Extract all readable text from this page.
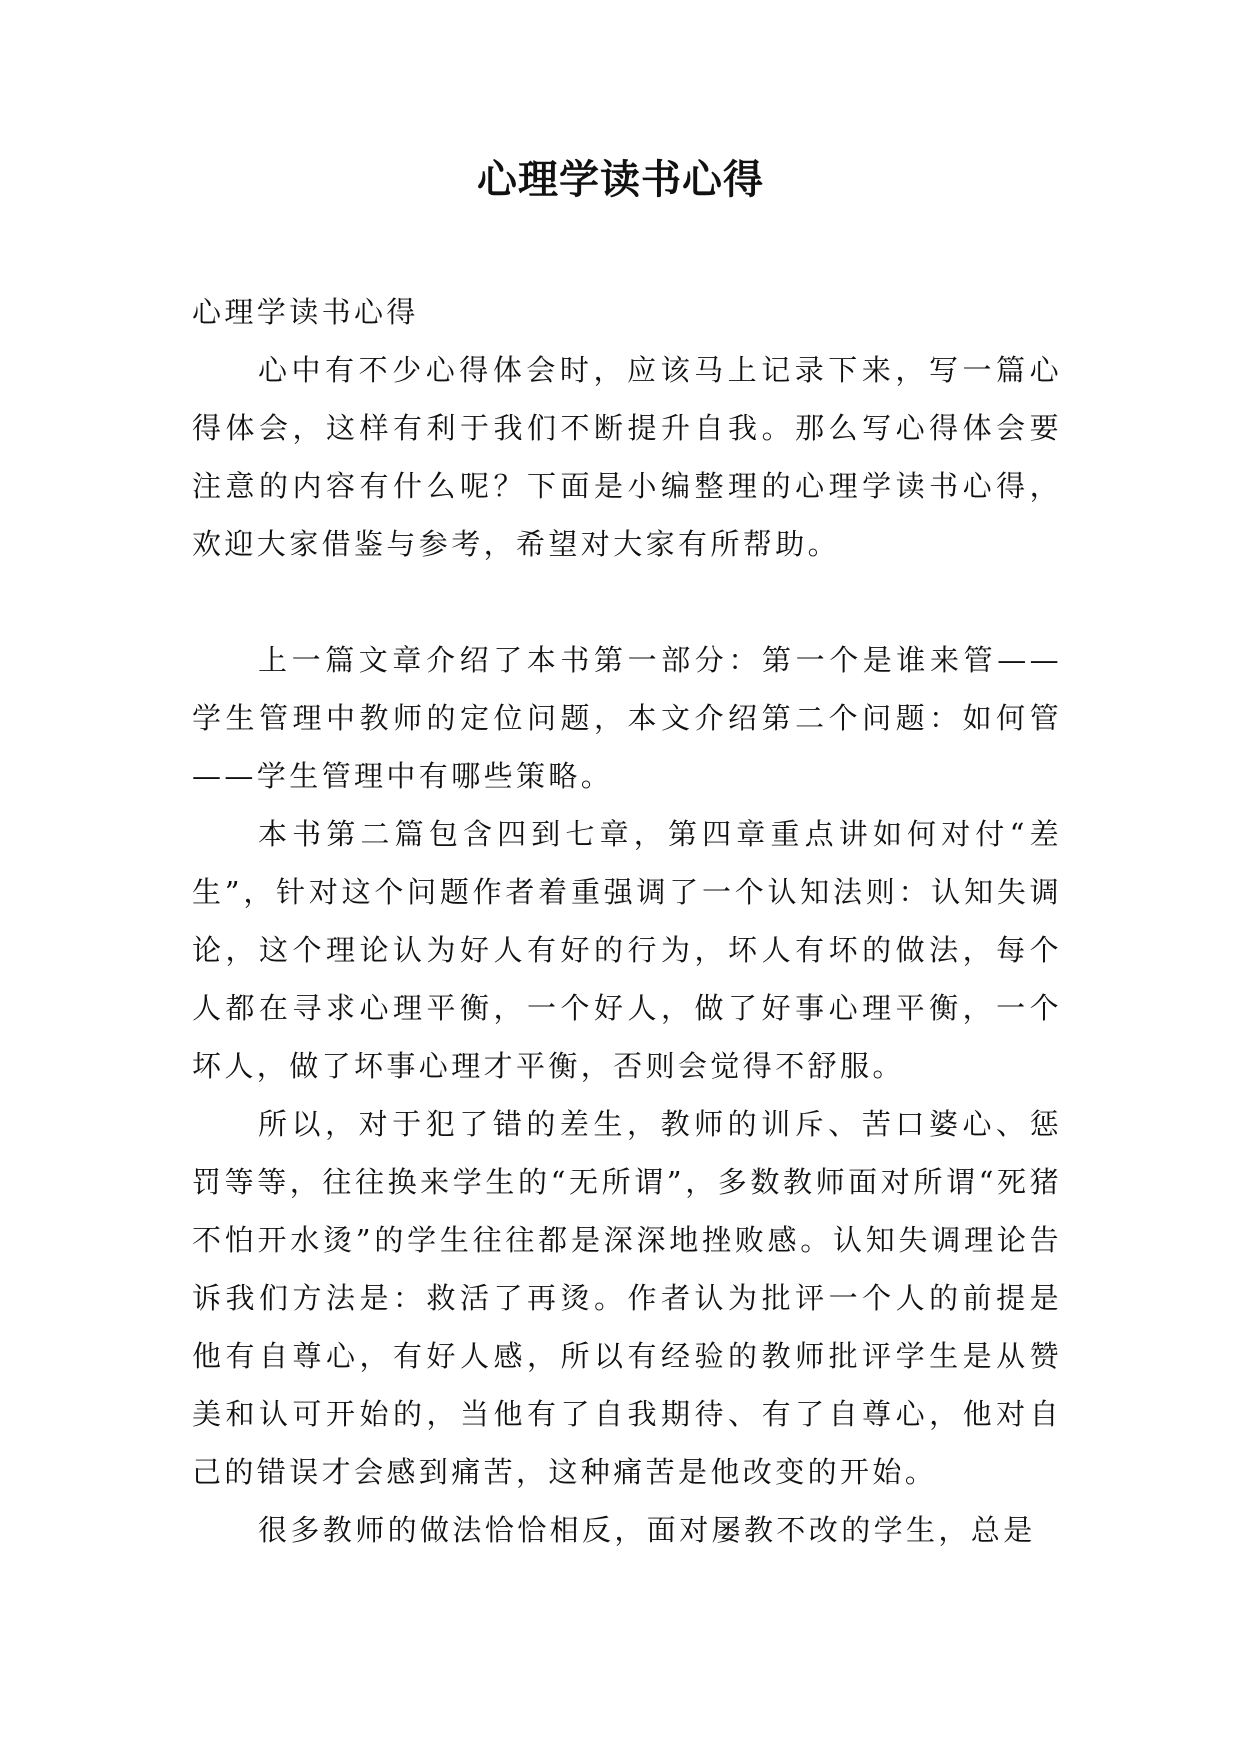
心理学读书心得

心理学读书心得

心中有不少心得体会时，应该马上记录下来，写一篇心得体会，这样有利于我们不断提升自我。那么写心得体会要注意的内容有什么呢？下面是小编整理的心理学读书心得，欢迎大家借鉴与参考，希望对大家有所帮助。

上一篇文章介绍了本书第一部分：第一个是谁来管——学生管理中教师的定位问题，本文介绍第二个问题：如何管——学生管理中有哪些策略。

本书第二篇包含四到七章，第四章重点讲如何对付“差生”，针对这个问题作者着重强调了一个认知法则：认知失调论，这个理论认为好人有好的行为，坏人有坏的做法，每个人都在寻求心理平衡，一个好人，做了好事心理平衡，一个坏人，做了坏事心理才平衡，否则会觉得不舒服。

所以，对于犯了错的差生，教师的训斥、苦口婆心、惩罚等等，往往换来学生的“无所谓”，多数教师面对所谓“死猪不怕开水烫”的学生往往都是深深地挫败感。认知失调理论告诉我们方法是：救活了再烫。作者认为批评一个人的前提是他有自尊心，有好人感，所以有经验的教师批评学生是从赞美和认可开始的，当他有了自我期待、有了自尊心，他对自己的错误才会感到痛苦，这种痛苦是他改变的开始。

很多教师的做法恰恰相反，面对屡教不改的学生，总是
